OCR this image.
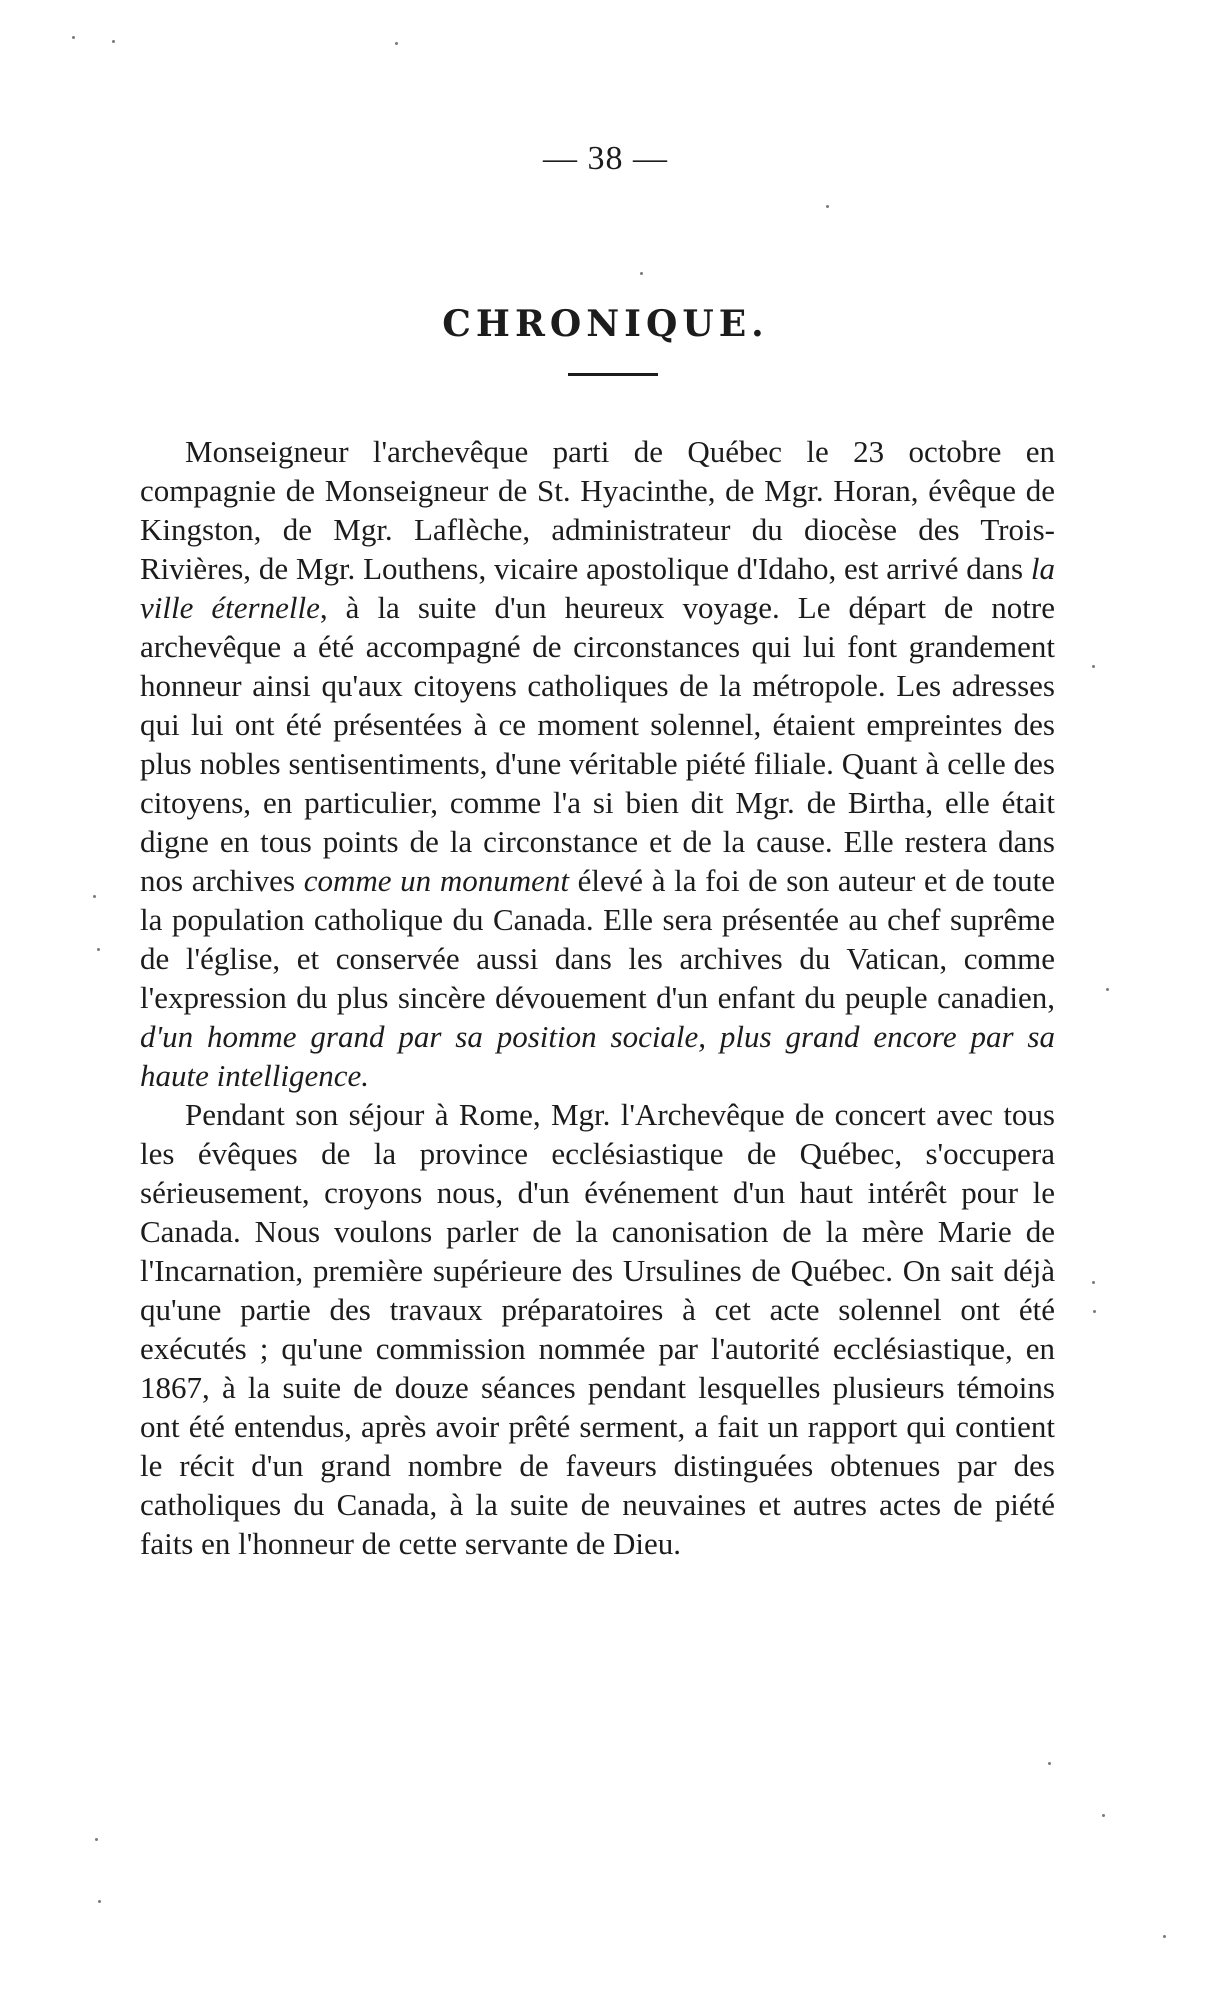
— 38 —
CHRONIQUE.

Monseigneur l'archevêque parti de Québec le 23 octobre en compagnie de Monseigneur de St. Hyacinthe, de Mgr. Horan, évêque de Kingston, de Mgr. Laflèche, administrateur du diocèse des Trois-Rivières, de Mgr. Louthens, vicaire apostolique d'Idaho, est arrivé dans la ville éternelle, à la suite d'un heureux voyage. Le départ de notre archevêque a été accompagné de circonstances qui lui font grandement honneur ainsi qu'aux citoyens catholiques de la métropole. Les adresses qui lui ont été présentées à ce moment solennel, étaient empreintes des plus nobles sentisentiments, d'une véritable piété filiale. Quant à celle des citoyens, en particulier, comme l'a si bien dit Mgr. de Birtha, elle était digne en tous points de la circonstance et de la cause. Elle restera dans nos archives comme un monument élevé à la foi de son auteur et de toute la population catholique du Canada. Elle sera présentée au chef suprême de l'église, et conservée aussi dans les archives du Vatican, comme l'expression du plus sincère dévouement d'un enfant du peuple canadien, d'un homme grand par sa position sociale, plus grand encore par sa haute intelligence.

Pendant son séjour à Rome, Mgr. l'Archevêque de concert avec tous les évêques de la province ecclésiastique de Québec, s'occupera sérieusement, croyons nous, d'un événement d'un haut intérêt pour le Canada. Nous voulons parler de la canonisation de la mère Marie de l'Incarnation, première supérieure des Ursulines de Québec. On sait déjà qu'une partie des travaux préparatoires à cet acte solennel ont été exécutés ; qu'une commission nommée par l'autorité ecclésiastique, en 1867, à la suite de douze séances pendant lesquelles plusieurs témoins ont été entendus, après avoir prêté serment, a fait un rapport qui contient le récit d'un grand nombre de faveurs distinguées obtenues par des catholiques du Canada, à la suite de neuvaines et autres actes de piété faits en l'honneur de cette servante de Dieu.
